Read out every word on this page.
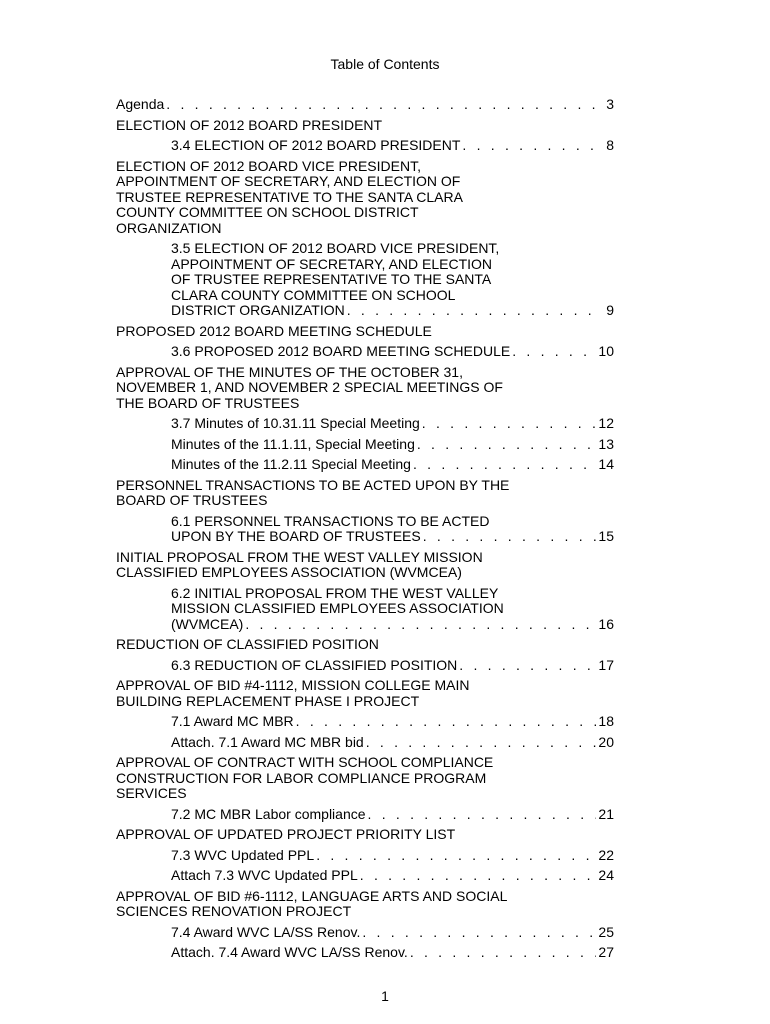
Table of Contents
Agenda . . .	3
ELECTION OF 2012 BOARD PRESIDENT
3.4 ELECTION OF 2012 BOARD PRESIDENT . . .	8
ELECTION OF 2012 BOARD VICE PRESIDENT,
APPOINTMENT OF SECRETARY, AND ELECTION OF
TRUSTEE REPRESENTATIVE TO THE SANTA CLARA
COUNTY COMMITTEE ON SCHOOL DISTRICT
ORGANIZATION
3.5 ELECTION OF 2012 BOARD VICE PRESIDENT,
APPOINTMENT OF SECRETARY, AND ELECTION
OF TRUSTEE REPRESENTATIVE TO THE SANTA
CLARA COUNTY COMMITTEE ON SCHOOL
DISTRICT ORGANIZATION . . .	9
PROPOSED 2012 BOARD MEETING SCHEDULE
3.6 PROPOSED 2012 BOARD MEETING SCHEDULE . . .	10
APPROVAL OF THE MINUTES OF THE OCTOBER 31,
NOVEMBER 1, AND NOVEMBER 2 SPECIAL MEETINGS OF
THE BOARD OF TRUSTEES
3.7 Minutes of 10.31.11 Special Meeting . . .	12
Minutes of the 11.1.11, Special Meeting . . .	13
Minutes of the 11.2.11 Special Meeting . . .	14
PERSONNEL TRANSACTIONS TO BE ACTED UPON BY THE
BOARD OF TRUSTEES
6.1 PERSONNEL TRANSACTIONS TO BE ACTED
UPON BY THE BOARD OF TRUSTEES . . .	15
INITIAL PROPOSAL FROM THE WEST VALLEY MISSION
CLASSIFIED EMPLOYEES ASSOCIATION (WVMCEA)
6.2 INITIAL PROPOSAL FROM THE WEST VALLEY
MISSION CLASSIFIED EMPLOYEES ASSOCIATION
(WVMCEA) . . .	16
REDUCTION OF CLASSIFIED POSITION
6.3 REDUCTION OF CLASSIFIED POSITION . . .	17
APPROVAL OF BID #4-1112, MISSION COLLEGE MAIN
BUILDING REPLACEMENT PHASE I PROJECT
7.1 Award MC MBR . . .	18
Attach. 7.1 Award MC MBR bid . . .	20
APPROVAL OF CONTRACT WITH SCHOOL COMPLIANCE
CONSTRUCTION FOR LABOR COMPLIANCE PROGRAM
SERVICES
7.2 MC MBR Labor compliance . . .	21
APPROVAL OF UPDATED PROJECT PRIORITY LIST
7.3 WVC Updated PPL . . .	22
Attach 7.3 WVC Updated PPL . . .	24
APPROVAL OF BID #6-1112, LANGUAGE ARTS AND SOCIAL
SCIENCES RENOVATION PROJECT
7.4 Award WVC LA/SS Renov. . . .	25
Attach. 7.4 Award WVC LA/SS Renov. . . .	27
1
